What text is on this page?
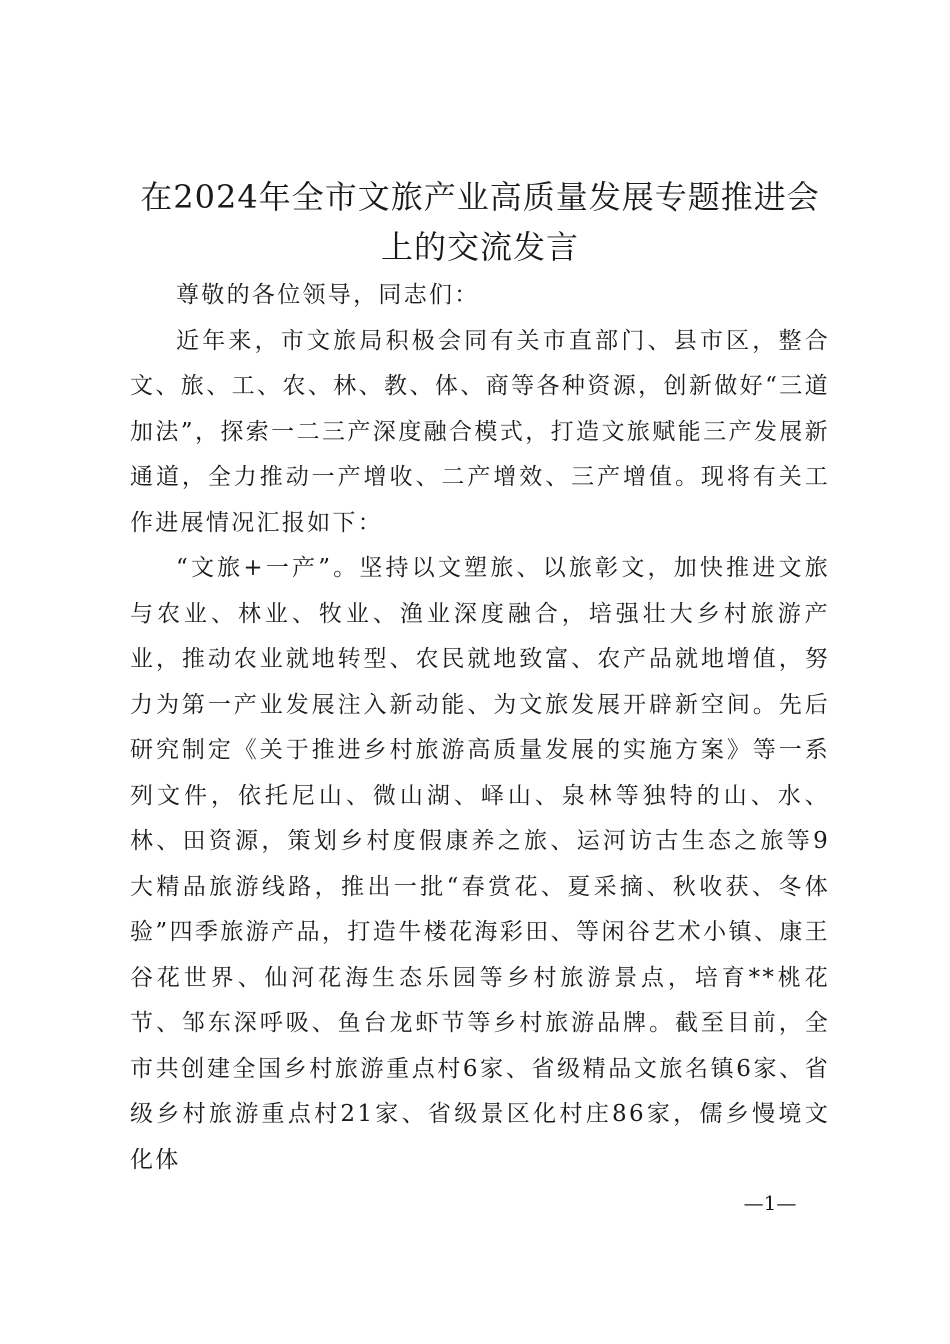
在2024年全市文旅产业高质量发展专题推进会上的交流发言

尊敬的各位领导，同志们：

近年来，市文旅局积极会同有关市直部门、县市区，整合文、旅、工、农、林、教、体、商等各种资源，创新做好“三道加法”，探索一二三产深度融合模式，打造文旅赋能三产发展新通道，全力推动一产增收、二产增效、三产增值。现将有关工作进展情况汇报如下：

“文旅+一产”。坚持以文塑旅、以旅彰文，加快推进文旅与农业、林业、牧业、渔业深度融合，培强壮大乡村旅游产业，推动农业就地转型、农民就地致富、农产品就地增值，努力为第一产业发展注入新动能、为文旅发展开辟新空间。先后研究制定《关于推进乡村旅游高质量发展的实施方案》等一系列文件，依托尼山、微山湖、峄山、泉林等独特的山、水、林、田资源，策划乡村度假康养之旅、运河访古生态之旅等9大精品旅游线路，推出一批“春赏花、夏采摘、秋收获、冬体验”四季旅游产品，打造牛楼花海彩田、等闲谷艺术小镇、康王谷花世界、仙河花海生态乐园等乡村旅游景点，培育**桃花节、邹东深呼吸、鱼台龙虾节等乡村旅游品牌。截至目前，全市共创建全国乡村旅游重点村6家、省级精品文旅名镇6家、省级乡村旅游重点村21家、省级景区化村庄86家，儒乡慢境文化体

—1—
